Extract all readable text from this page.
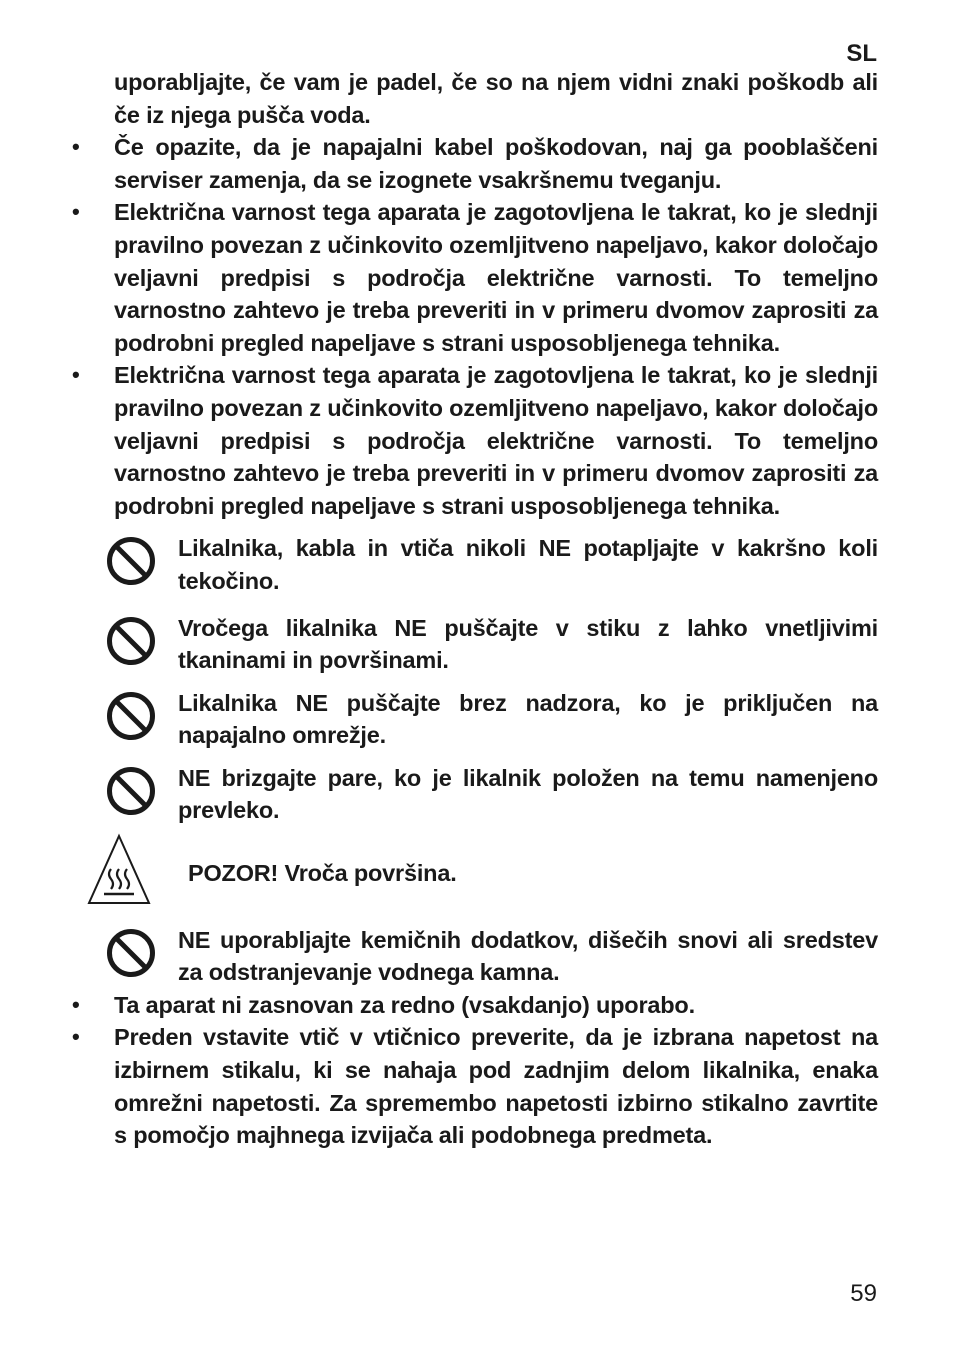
SL
uporabljajte, če vam je padel, če so na njem vidni znaki poškodb ali če iz njega pušča voda.
•	Če opazite, da je napajalni kabel poškodovan, naj ga pooblaščeni serviser zamenja, da se izognete vsakršnemu tveganju.
•	Električna varnost tega aparata je zagotovljena le takrat, ko je slednji pravilno povezan z učinkovito ozemljitveno napeljavo, kakor določajo veljavni predpisi s področja električne varnosti. To temeljno varnostno zahtevo je treba preveriti in v primeru dvomov zaprositi za podrobni pregled napeljave s strani usposobljenega tehnika.
•	Električna varnost tega aparata je zagotovljena le takrat, ko je slednji pravilno povezan z učinkovito ozemljitveno napeljavo, kakor določajo veljavni predpisi s področja električne varnosti. To temeljno varnostno zahtevo je treba preveriti in v primeru dvomov zaprositi za podrobni pregled napeljave s strani usposobljenega tehnika.
Likalnika, kabla in vtiča nikoli NE potapljajte v kakršno koli tekočino.
Vročega likalnika NE puščajte v stiku z lahko vnetljivimi tkaninami in površinami.
Likalnika NE puščajte brez nadzora, ko je priključen na napajalno omrežje.
NE brizgajte pare, ko je likalnik položen na temu namenjeno prevleko.
POZOR! Vroča površina.
NE uporabljajte kemičnih dodatkov, dišečih snovi ali sredstev za odstranjevanje vodnega kamna.
•	Ta aparat ni zasnovan za redno (vsakdanjo) uporabo.
•	Preden vstavite vtič v vtičnico preverite, da je izbrana napetost na izbirnem stikalu, ki se nahaja pod zadnjim delom likalnika, enaka omrežni napetosti. Za spremembo napetosti izbirno stikalno zavrtite s pomočjo majhnega izvijača ali podobnega predmeta.
59
